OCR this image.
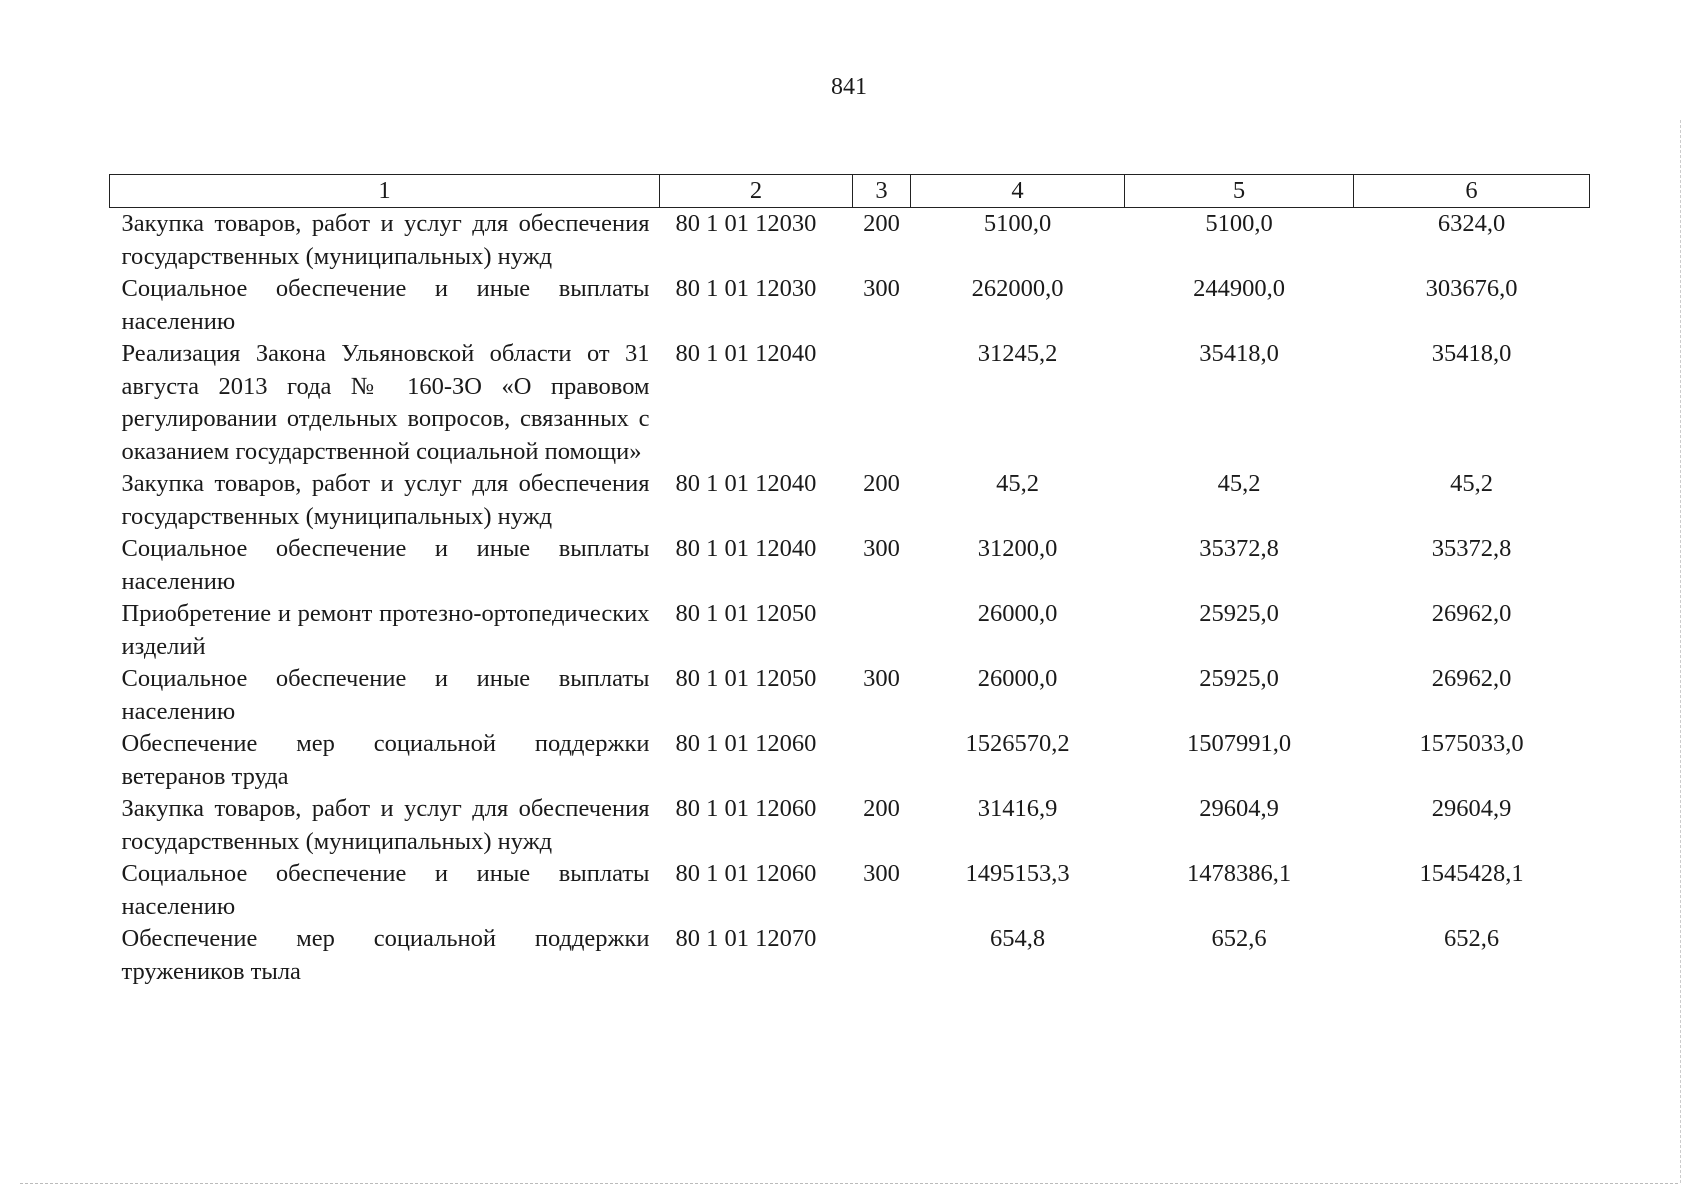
841
1	2	3	4	5	6
Закупка товаров, работ и услуг для обеспечения государственных (муниципальных) нужд	80 1 01 12030	200	5100,0	5100,0	6324,0
Социальное обеспечение и иные выплаты населению	80 1 01 12030	300	262000,0	244900,0	303676,0
Реализация Закона Ульяновской области от 31 августа 2013 года № 160-ЗО «О правовом регулировании отдельных вопросов, связанных с оказанием государственной социальной помощи»	80 1 01 12040		31245,2	35418,0	35418,0
Закупка товаров, работ и услуг для обеспечения государственных (муниципальных) нужд	80 1 01 12040	200	45,2	45,2	45,2
Социальное обеспечение и иные выплаты населению	80 1 01 12040	300	31200,0	35372,8	35372,8
Приобретение и ремонт протезно-ортопедических изделий	80 1 01 12050		26000,0	25925,0	26962,0
Социальное обеспечение и иные выплаты населению	80 1 01 12050	300	26000,0	25925,0	26962,0
Обеспечение мер социальной поддержки ветеранов труда	80 1 01 12060		1526570,2	1507991,0	1575033,0
Закупка товаров, работ и услуг для обеспечения государственных (муниципальных) нужд	80 1 01 12060	200	31416,9	29604,9	29604,9
Социальное обеспечение и иные выплаты населению	80 1 01 12060	300	1495153,3	1478386,1	1545428,1
Обеспечение мер социальной поддержки тружеников тыла	80 1 01 12070		654,8	652,6	652,6
